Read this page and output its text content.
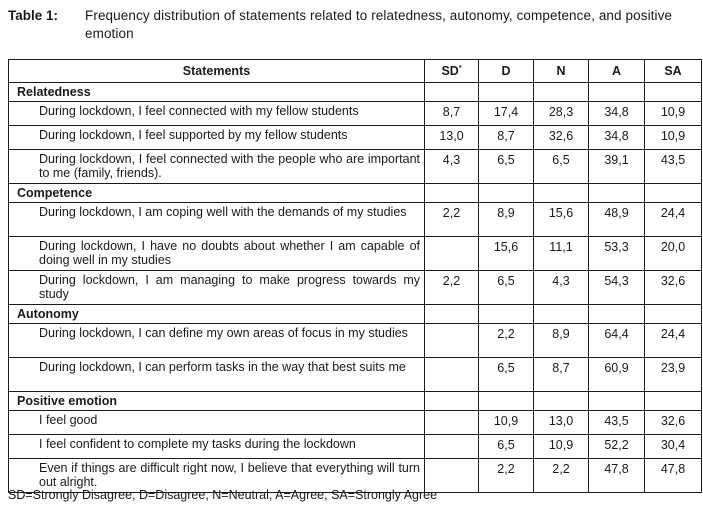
Table 1: Frequency distribution of statements related to relatedness, autonomy, competence, and positive emotion
Statements	SD*	D	N	A	SA
Relatedness					
During lockdown, I feel connected with my fellow students	8,7	17,4	28,3	34,8	10,9
During lockdown, I feel supported by my fellow students	13,0	8,7	32,6	34,8	10,9
During lockdown, I feel connected with the people who are important to me (family, friends).	4,3	6,5	6,5	39,1	43,5
Competence					
During lockdown, I am coping well with the demands of my studies	2,2	8,9	15,6	48,9	24,4
During lockdown, I have no doubts about whether I am capable of doing well in my studies		15,6	11,1	53,3	20,0
During lockdown, I am managing to make progress towards my study	2,2	6,5	4,3	54,3	32,6
Autonomy					
During lockdown, I can define my own areas of focus in my studies		2,2	8,9	64,4	24,4
During lockdown, I can perform tasks in the way that best suits me		6,5	8,7	60,9	23,9
Positive emotion					
I feel good		10,9	13,0	43,5	32,6
I feel confident to complete my tasks during the lockdown		6,5	10,9	52,2	30,4
Even if things are difficult right now, I believe that everything will turn out alright.		2,2	2,2	47,8	47,8
SD=Strongly Disagree, D=Disagree, N=Neutral, A=Agree, SA=Strongly Agree
